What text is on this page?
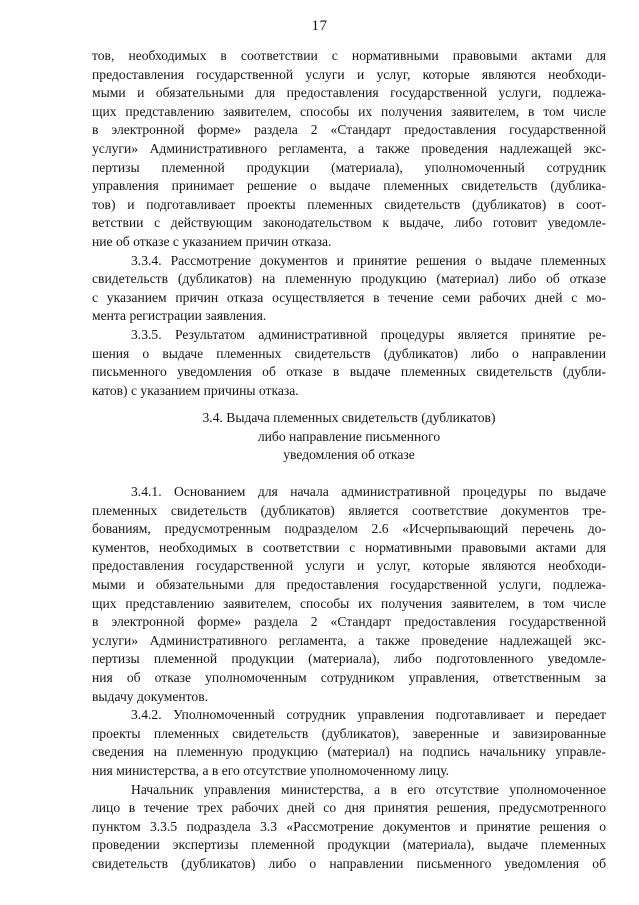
17
тов, необходимых в соответствии с нормативными правовыми актами для
предоставления государственной услуги и услуг, которые являются необходи-
мыми и обязательными для предоставления государственной услуги, подлежа-
щих представлению заявителем, способы их получения заявителем, в том числе
в электронной форме» раздела 2 «Стандарт предоставления государственной
услуги» Административного регламента, а также проведения надлежащей экс-
пертизы племенной продукции (материала), уполномоченный сотрудник
управления принимает решение о выдаче племенных свидетельств (дублика-
тов) и подготавливает проекты племенных свидетельств (дубликатов) в соот-
ветствии с действующим законодательством к выдаче, либо готовит уведомле-
ние об отказе с указанием причин отказа.
3.3.4. Рассмотрение документов и принятие решения о выдаче племенных
свидетельств (дубликатов) на племенную продукцию (материал) либо об отказе
с указанием причин отказа осуществляется в течение семи рабочих дней с мо-
мента регистрации заявления.
3.3.5. Результатом административной процедуры является принятие ре-
шения о выдаче племенных свидетельств (дубликатов) либо о направлении
письменного уведомления об отказе в выдаче племенных свидетельств (дубли-
катов) с указанием причины отказа.
3.4. Выдача племенных свидетельств (дубликатов)
либо направление письменного
уведомления об отказе
3.4.1. Основанием для начала административной процедуры по выдаче
племенных свидетельств (дубликатов) является соответствие документов тре-
бованиям, предусмотренным подразделом 2.6 «Исчерпывающий перечень до-
кументов, необходимых в соответствии с нормативными правовыми актами для
предоставления государственной услуги и услуг, которые являются необходи-
мыми и обязательными для предоставления государственной услуги, подлежа-
щих представлению заявителем, способы их получения заявителем, в том числе
в электронной форме» раздела 2 «Стандарт предоставления государственной
услуги» Административного регламента, а также проведение надлежащей экс-
пертизы племенной продукции (материала), либо подготовленного уведомле-
ния об отказе уполномоченным сотрудником управления, ответственным за
выдачу документов.
3.4.2. Уполномоченный сотрудник управления подготавливает и передает
проекты племенных свидетельств (дубликатов), заверенные и завизированные
сведения на племенную продукцию (материал) на подпись начальнику управле-
ния министерства, а в его отсутствие уполномоченному лицу.
Начальник управления министерства, а в его отсутствие уполномоченное
лицо в течение трех рабочих дней со дня принятия решения, предусмотренного
пунктом 3.3.5 подраздела 3.3 «Рассмотрение документов и принятие решения о
проведении экспертизы племенной продукции (материала), выдаче племенных
свидетельств (дубликатов) либо о направлении письменного уведомления об
